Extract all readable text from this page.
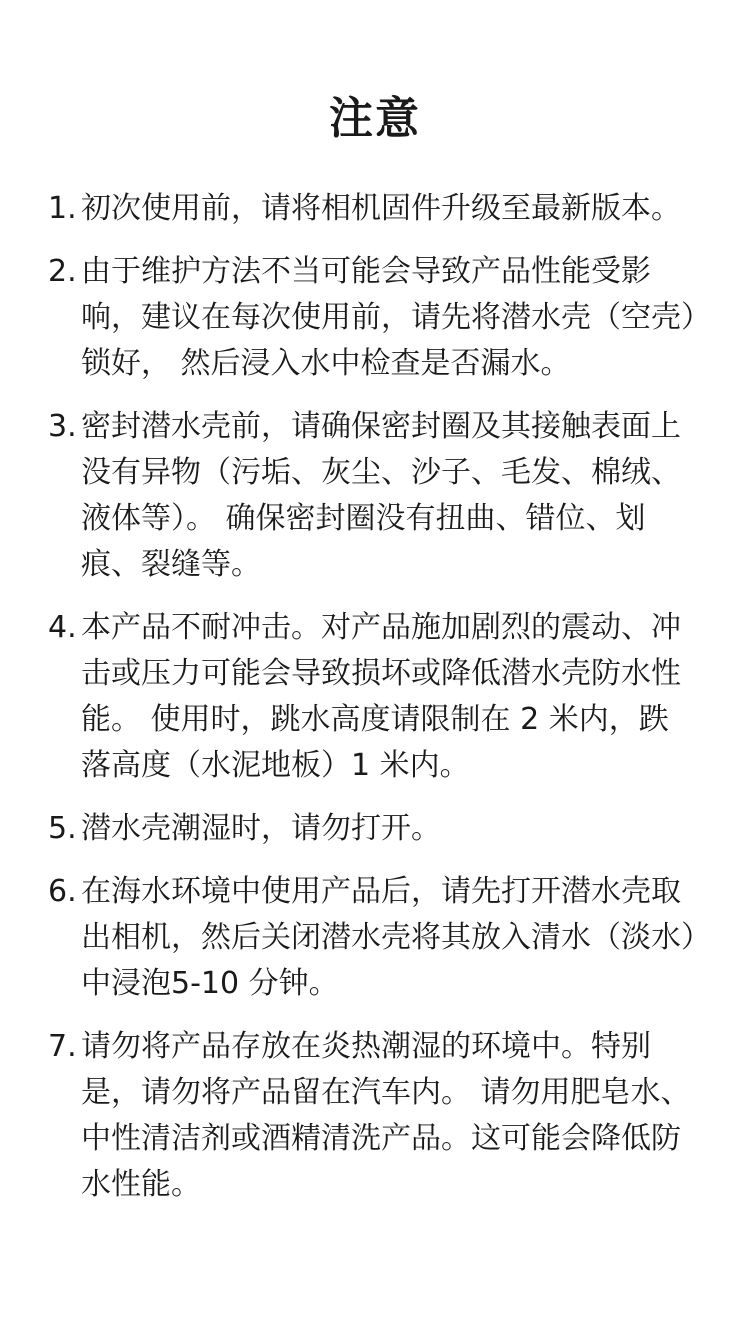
注意
1. 初次使用前，请将相机固件升级至最新版本。
2. 由于维护方法不当可能会导致产品性能受影响，建议在每次使用前，请先将潜水壳（空壳）锁好， 然后浸入水中检查是否漏水。
3. 密封潜水壳前，请确保密封圈及其接触表面上没有异物（污垢、灰尘、沙子、毛发、棉绒、液体等）。 确保密封圈没有扭曲、错位、划痕、裂缝等。
4. 本产品不耐冲击。对产品施加剧烈的震动、冲击或压力可能会导致损坏或降低潜水壳防水性能。 使用时，跳水高度请限制在 2 米内，跌落高度（水泥地板）1 米内。
5. 潜水壳潮湿时，请勿打开。
6. 在海水环境中使用产品后，请先打开潜水壳取出相机，然后关闭潜水壳将其放入清水（淡水）中浸泡5-10 分钟。
7. 请勿将产品存放在炎热潮湿的环境中。特别是，请勿将产品留在汽车内。 请勿用肥皂水、中性清洁剂或酒精清洗产品。这可能会降低防水性能。
